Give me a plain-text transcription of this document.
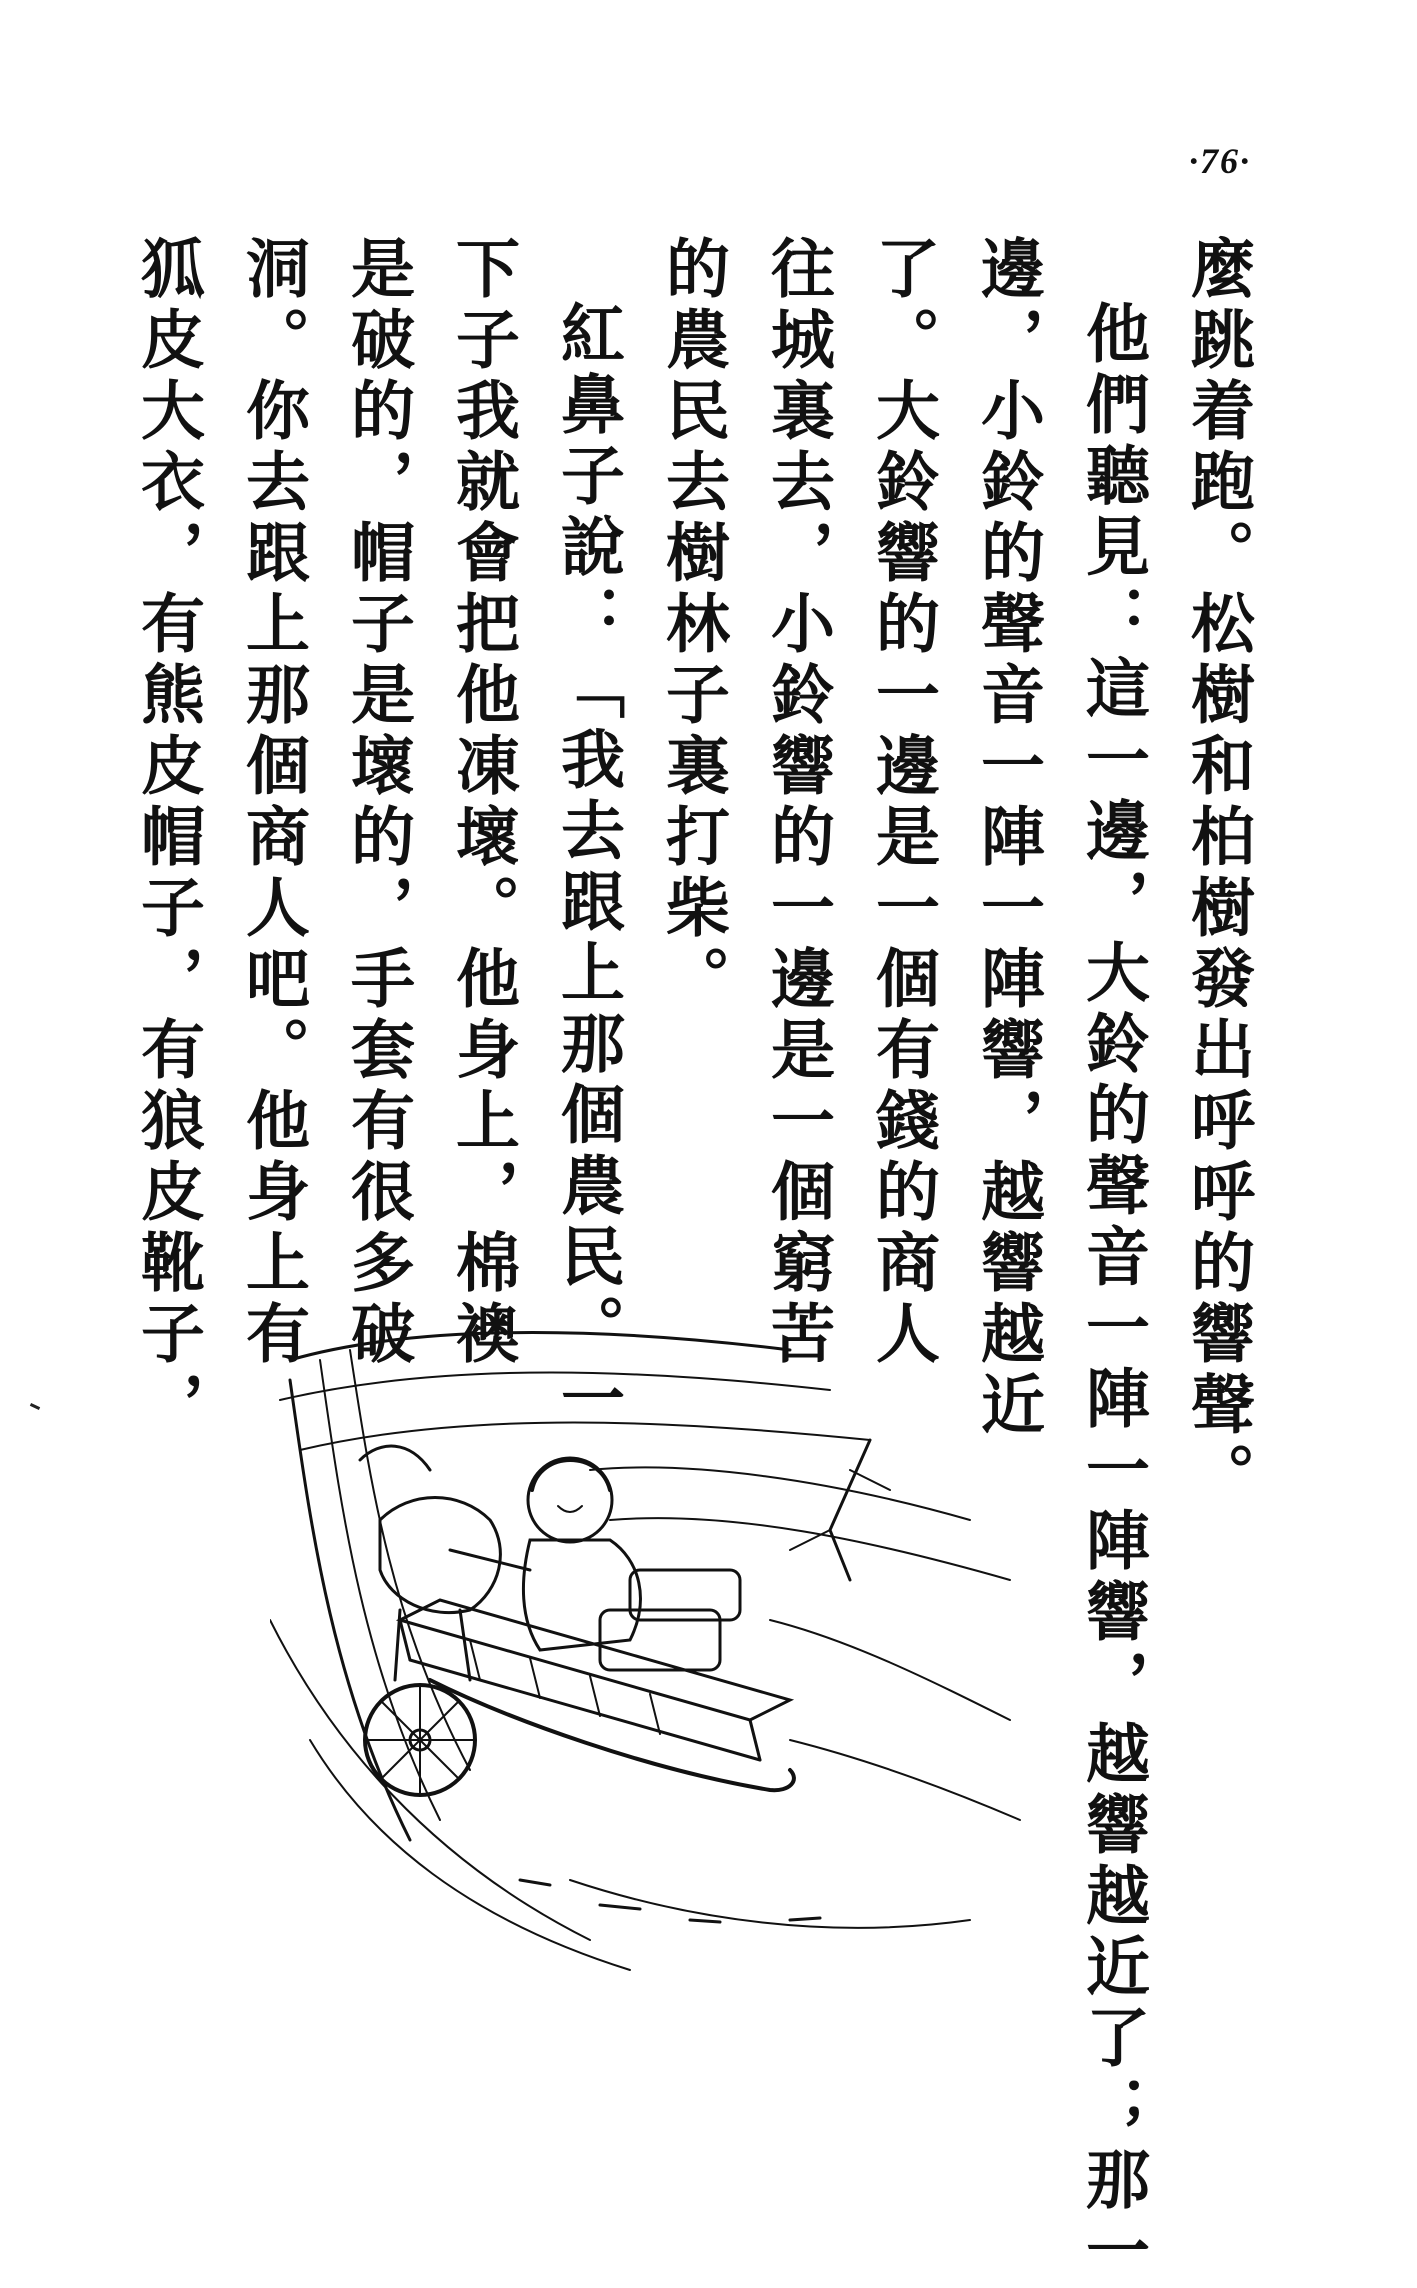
·76·
麼跳着跑。松樹和柏樹發出呼呼的響聲。
他們聽見：這一邊，大鈴的聲音一陣一陣響，越響越近了；那一
邊，小鈴的聲音一陣一陣響，越響越近
了。大鈴響的一邊是一個有錢的商人
往城裏去，小鈴響的一邊是一個窮苦
的農民去樹林子裏打柴。
紅鼻子說：「我去跟上那個農民。一
下子我就會把他凍壞。他身上，棉襖
是破的，帽子是壞的，手套有很多破
洞。你去跟上那個商人吧。他身上有
狐皮大衣，有熊皮帽子，有狼皮靴子，
